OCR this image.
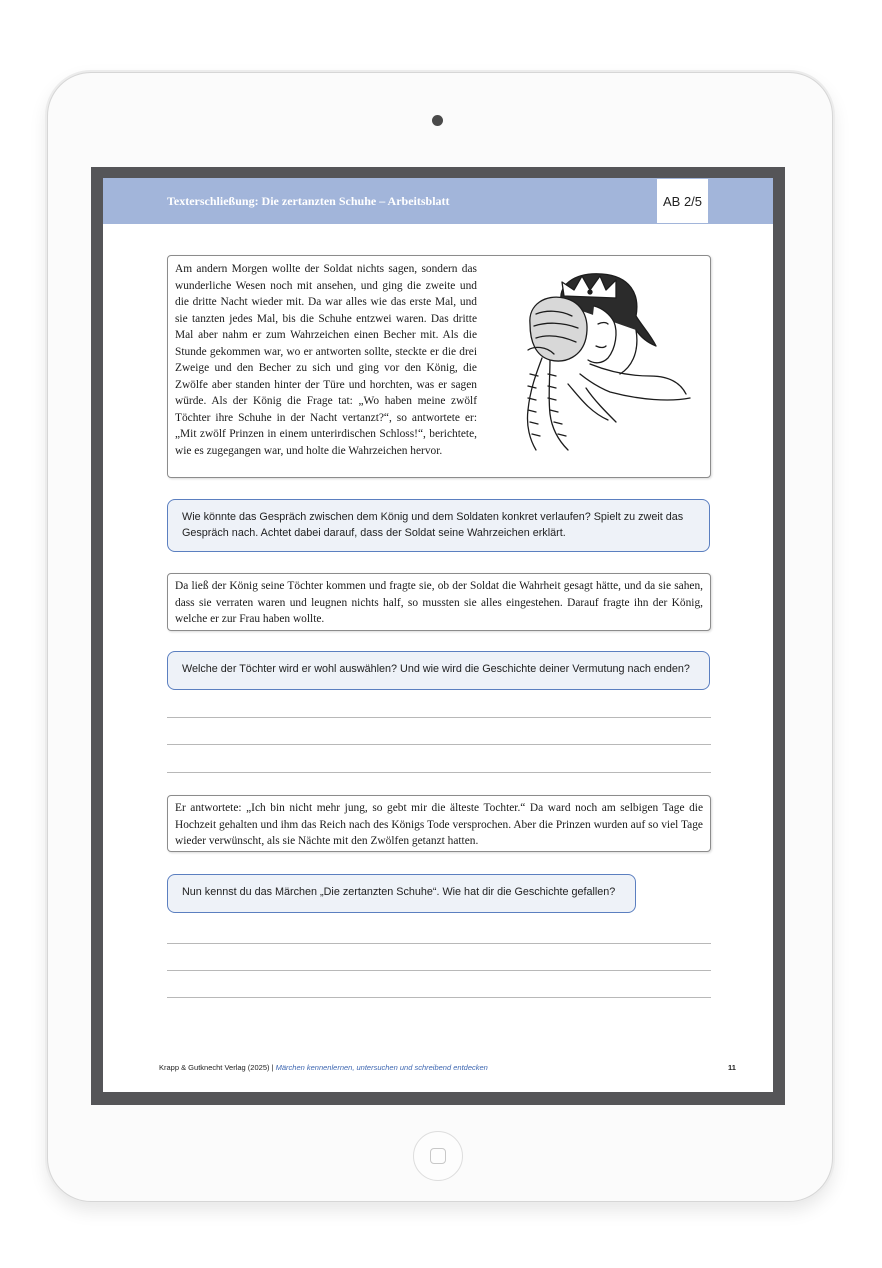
Texterschließung: Die zertanzten Schuhe – Arbeitsblatt	AB 2/5
Am andern Morgen wollte der Soldat nichts sagen, sondern das wunderliche Wesen noch mit ansehen, und ging die zweite und die dritte Nacht wieder mit. Da war alles wie das erste Mal, und sie tanzten jedes Mal, bis die Schuhe entzwei waren. Das dritte Mal aber nahm er zum Wahrzeichen einen Becher mit. Als die Stunde gekommen war, wo er antworten sollte, steckte er die drei Zweige und den Becher zu sich und ging vor den König, die Zwölfe aber standen hinter der Türe und horchten, was er sagen würde. Als der König die Frage tat: „Wo haben meine zwölf Töchter ihre Schuhe in der Nacht vertanzt?“, so antwortete er: „Mit zwölf Prinzen in einem unterirdischen Schloss!“, berichtete, wie es zugegangen war, und holte die Wahrzeichen hervor.
Wie könnte das Gespräch zwischen dem König und dem Soldaten konkret verlaufen? Spielt zu zweit das Gespräch nach. Achtet dabei darauf, dass der Soldat seine Wahrzeichen erklärt.
Da ließ der König seine Töchter kommen und fragte sie, ob der Soldat die Wahrheit gesagt hätte, und da sie sahen, dass sie verraten waren und leugnen nichts half, so mussten sie alles eingestehen. Darauf fragte ihn der König, welche er zur Frau haben wollte.
Welche der Töchter wird er wohl auswählen? Und wie wird die Geschichte deiner Vermutung nach enden?
Er antwortete: „Ich bin nicht mehr jung, so gebt mir die älteste Tochter.“ Da ward noch am selbigen Tage die Hochzeit gehalten und ihm das Reich nach des Königs Tode versprochen. Aber die Prinzen wurden auf so viel Tage wieder verwünscht, als sie Nächte mit den Zwölfen getanzt hatten.
Nun kennst du das Märchen „Die zertanzten Schuhe“. Wie hat dir die Geschichte gefallen?
Krapp & Gutknecht Verlag (2025) | Märchen kennenlernen, untersuchen und schreibend entdecken	11
